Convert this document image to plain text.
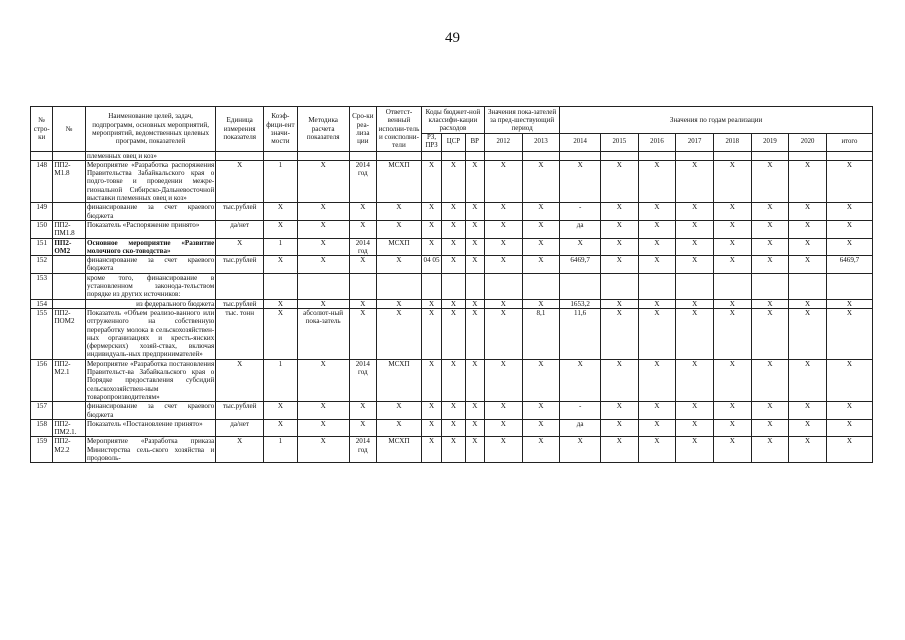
49
№ стро-ки	№	Наименование целей, задач, подпрограмм, основных мероприятий, мероприятий, ведомственных целевых программ, показателей	Единица измерения показателя	Коэф-фици-ент значи-мости	Методика расчета показателя	Сро-ки реа-лиза ции	Ответст-венный исполни-тель и соисполни-тели	Коды бюджет-ной классифи-кации расходов			Значения пока-зателей за пред-шествующий период		Значения по годам реализации							
								РЗ, ПРЗ	ЦСР	ВР	2012	2013	2014	2015	2016	2017	2018	2019	2020	итого
		племенных овец и коз»																		
148	ПП2-М1.8	Мероприятие «Разработка распоряжения Правительства Забайкальского края о подго-товке и проведении межре-гиональной Сибирско-Дальневосточной выставки племенных овец и коз»	X	1	X	2014 год	МСХП	X	X	X	X	X	X	X	X	X	X	X	X	X
149		финансирование за счет краевого бюджета	тыс.рублей	X	X	X	X	X	X	X	X	X	-	X	X	X	X	X	X	X
150	ПП2-ПМ1.8	Показатель «Распоряжение принято»	да/нет	X	X	X	X	X	X	X	X	X	да	X	X	X	X	X	X	X
151	ПП2-ОМ2	Основное мероприятие «Развитие молочного ско-товодства»	X	1	X	2014 год	МСХП	X	X	X	X	X	X	X	X	X	X	X	X	X
152		финансирование за счет краевого бюджета	тыс.рублей	X	X	X	X	04 05	X	X	X	X	6469,7	X	X	X	X	X	X	6469,7
153		кроме того, финансирование в установленном законода-тельством порядке из других источников:																		
154		из федерального бюджета	тыс.рублей	X	X	X	X	X	X	X	X	X	1653,2	X	X	X	X	X	X	X
155	ПП2-ПОМ2	Показатель «Объем реализо-ванного или отгруженного на собственную переработку молока в сельскохозяйствен-ных организациях и кресть-янских (фермерских) хозяй-ствах, включая индивидуаль-ных предпринимателей»	тыс. тонн	X	абсолют-ный пока-затель	X	X	X	X	X	X	8,1	11,6	X	X	X	X	X	X	X
156	ПП2-М2.1	Мероприятие «Разработка постановления Правительст-ва Забайкальского края о Порядке предоставления субсидий сельскохозяйствен-ным товаропроизводителям»	X	1	X	2014 год	МСХП	X	X	X	X	X	X	X	X	X	X	X	X	X
157		финансирование за счет краевого бюджета	тыс.рублей	X	X	X	X	X	X	X	X	X	-	X	X	X	X	X	X	X
158	ПП2-ПМ2.1.	Показатель «Постановление принято»	да/нет	X	X	X	X	X	X	X	X	X	да	X	X	X	X	X	X	X
159	ПП2-М2.2	Мероприятие «Разработка приказа Министерства сель-ского хозяйства и продоволь-	X	1	X	2014 год	МСХП	X	X	X	X	X	X	X	X	X	X	X	X	X
